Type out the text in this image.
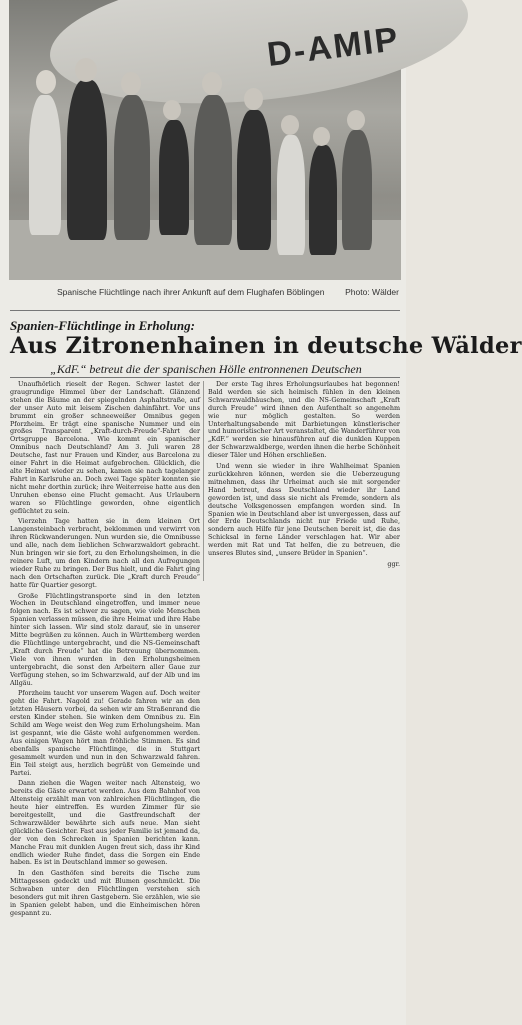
D-AMIP
Spanische Flüchtlinge nach ihrer Ankunft auf dem Flughafen Böblingen Photo: Wälder
Spanien-Flüchtlinge in Erholung:
Aus Zitronenhainen in deutsche Wälder
„KdF.“ betreut die der spanischen Hölle entronnenen Deutschen

Unaufhörlich rieselt der Regen. Schwer lastet der graugrundige Himmel über der Landschaft. Glänzend stehen die Bäume an der spiegelnden Asphaltstraße, auf der unser Auto mit leisem Zischen dahinfährt. Vor uns brummt ein großer schneeweißer Omnibus gegen Pforzheim. Er trägt eine spanische Nummer und ein großes Transparent „Kraft-durch-Freude“-Fahrt der Ortsgruppe Barcelona. Wie kommt ein spanischer Omnibus nach Deutschland? Am 3. Juli waren 28 Deutsche, fast nur Frauen und Kinder, aus Barcelona zu einer Fahrt in die Heimat aufgebrochen. Glücklich, die alte Heimat wieder zu sehen, kamen sie nach tagelanger Fahrt in Karlsruhe an. Doch zwei Tage später konnten sie nicht mehr dorthin zurück; ihre Weiterreise hatte aus den Unruhen ebenso eine Flucht gemacht. Aus Urlaubern waren so Flüchtlinge geworden, ohne eigentlich geflüchtet zu sein.

Vierzehn Tage hatten sie in dem kleinen Ort Langensteinbach verbracht, beklommen und verwirrt von ihren Rückwanderungen. Nun wurden sie, die Omnibusse und alle, nach dem lieblichen Schwarzwaldort gebracht. Nun bringen wir sie fort, zu den Erholungsheimen, in die reinere Luft, um den Kindern nach all den Aufregungen wieder Ruhe zu bringen. Der Bus hielt, und die Fahrt ging nach den Ortschaften zurück. Die „Kraft durch Freude“ hatte für Quartier gesorgt.

Große Flüchtlingstransporte sind in den letzten Wochen in Deutschland eingetroffen, und immer neue folgen nach. Es ist schwer zu sagen, wie viele Menschen Spanien verlassen müssen, die ihre Heimat und ihre Habe hinter sich lassen. Wir sind stolz darauf, sie in unserer Mitte begrüßen zu können. Auch in Württemberg werden die Flüchtlinge untergebracht, und die NS-Gemeinschaft „Kraft durch Freude“ hat die Betreuung übernommen. Viele von ihnen wurden in den Erholungsheimen untergebracht, die sonst den Arbeitern aller Gaue zur Verfügung stehen, so im Schwarzwald, auf der Alb und im Allgäu.

Pforzheim taucht vor unserem Wagen auf. Doch weiter geht die Fahrt. Nagold zu! Gerade fahren wir an den letzten Häusern vorbei, da sehen wir am Straßenrand die ersten Kinder stehen. Sie winken dem Omnibus zu. Ein Schild am Wege weist den Weg zum Erholungsheim. Man ist gespannt, wie die Gäste wohl aufgenommen werden. Aus einigen Wagen hört man fröhliche Stimmen. Es sind ebenfalls spanische Flüchtlinge, die in Stuttgart gesammelt wurden und nun in den Schwarzwald fahren. Ein Teil steigt aus, herzlich begrüßt von Gemeinde und Partei.

Dann ziehen die Wagen weiter nach Altensteig, wo bereits die Gäste erwartet werden. Aus dem Bahnhof von Altensteig erzählt man von zahlreichen Flüchtlingen, die heute hier eintreffen. Es wurden Zimmer für sie bereitgestellt, und die Gastfreundschaft der Schwarzwälder bewährte sich aufs neue. Man sieht glückliche Gesichter. Fast aus jeder Familie ist jemand da, der von den Schrecken in Spanien berichten kann. Manche Frau mit dunklen Augen freut sich, dass ihr Kind endlich wieder Ruhe findet, dass die Sorgen ein Ende haben. Es ist in Deutschland immer so gewesen.

In den Gasthöfen sind bereits die Tische zum Mittagessen gedeckt und mit Blumen geschmückt. Die Schwaben unter den Flüchtlingen verstehen sich besonders gut mit ihren Gastgebern. Sie erzählen, wie sie in Spanien gelebt haben, und die Einheimischen hören gespannt zu.

Der erste Tag ihres Erholungsurlaubes hat begonnen! Bald werden sie sich heimisch fühlen in den kleinen Schwarzwaldhäuschen, und die NS-Gemeinschaft „Kraft durch Freude“ wird ihnen den Aufenthalt so angenehm wie nur möglich gestalten. So werden Unterhaltungsabende mit Darbietungen künstlerischer und humoristischer Art veranstaltet, die Wanderführer von „KdF.“ werden sie hinausführen auf die dunklen Kuppen der Schwarzwaldberge, werden ihnen die herbe Schönheit dieser Täler und Höhen erschließen.

Und wenn sie wieder in ihre Wahlheimat Spanien zurückkehren können, werden sie die Ueberzeugung mitnehmen, dass ihr Urheimat auch sie mit sorgender Hand betreut, dass Deutschland wieder ihr Land geworden ist, und dass sie nicht als Fremde, sondern als deutsche Volksgenossen empfangen worden sind. In Spanien wie in Deutschland aber ist unvergessen, dass auf der Erde Deutschlands nicht nur Friede und Ruhe, sondern auch Hilfe für jene Deutschen bereit ist, die das Schicksal in ferne Länder verschlagen hat. Wir aber werden mit Rat und Tat helfen, die zu betreuen, die unseres Blutes sind, „unsere Brüder in Spanien“.

ggr.
